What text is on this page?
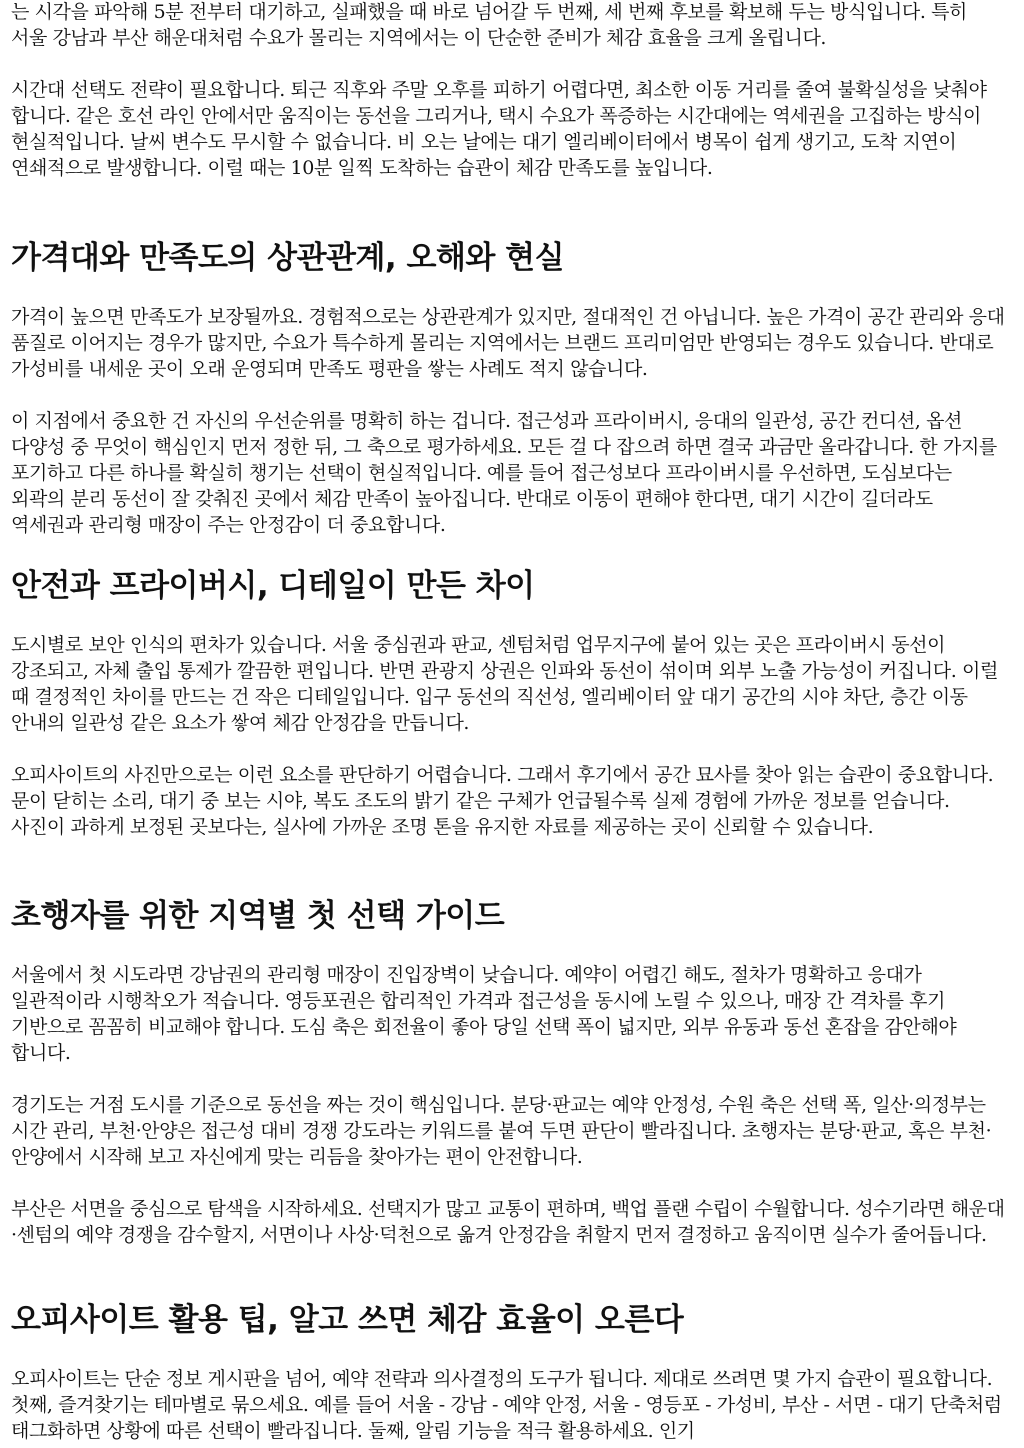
는 시각을 파악해 5분 전부터 대기하고, 실패했을 때 바로 넘어갈 두 번째, 세 번째 후보를 확보해 두는 방식입니다. 특히 서울 강남과 부산 해운대처럼 수요가 몰리는 지역에서는 이 단순한 준비가 체감 효율을 크게 올립니다.

시간대 선택도 전략이 필요합니다. 퇴근 직후와 주말 오후를 피하기 어렵다면, 최소한 이동 거리를 줄여 불확실성을 낮춰야 합니다. 같은 호선 라인 안에서만 움직이는 동선을 그리거나, 택시 수요가 폭증하는 시간대에는 역세권을 고집하는 방식이 현실적입니다. 날씨 변수도 무시할 수 없습니다. 비 오는 날에는 대기 엘리베이터에서 병목이 쉽게 생기고, 도착 지연이 연쇄적으로 발생합니다. 이럴 때는 10분 일찍 도착하는 습관이 체감 만족도를 높입니다.

가격대와 만족도의 상관관계, 오해와 현실

가격이 높으면 만족도가 보장될까요. 경험적으로는 상관관계가 있지만, 절대적인 건 아닙니다. 높은 가격이 공간 관리와 응대 품질로 이어지는 경우가 많지만, 수요가 특수하게 몰리는 지역에서는 브랜드 프리미엄만 반영되는 경우도 있습니다. 반대로 가성비를 내세운 곳이 오래 운영되며 만족도 평판을 쌓는 사례도 적지 않습니다.

이 지점에서 중요한 건 자신의 우선순위를 명확히 하는 겁니다. 접근성과 프라이버시, 응대의 일관성, 공간 컨디션, 옵션 다양성 중 무엇이 핵심인지 먼저 정한 뒤, 그 축으로 평가하세요. 모든 걸 다 잡으려 하면 결국 과금만 올라갑니다. 한 가지를 포기하고 다른 하나를 확실히 챙기는 선택이 현실적입니다. 예를 들어 접근성보다 프라이버시를 우선하면, 도심보다는 외곽의 분리 동선이 잘 갖춰진 곳에서 체감 만족이 높아집니다. 반대로 이동이 편해야 한다면, 대기 시간이 길더라도 역세권과 관리형 매장이 주는 안정감이 더 중요합니다.

안전과 프라이버시, 디테일이 만든 차이

도시별로 보안 인식의 편차가 있습니다. 서울 중심권과 판교, 센텀처럼 업무지구에 붙어 있는 곳은 프라이버시 동선이 강조되고, 자체 출입 통제가 깔끔한 편입니다. 반면 관광지 상권은 인파와 동선이 섞이며 외부 노출 가능성이 커집니다. 이럴 때 결정적인 차이를 만드는 건 작은 디테일입니다. 입구 동선의 직선성, 엘리베이터 앞 대기 공간의 시야 차단, 층간 이동 안내의 일관성 같은 요소가 쌓여 체감 안정감을 만듭니다.

오피사이트의 사진만으로는 이런 요소를 판단하기 어렵습니다. 그래서 후기에서 공간 묘사를 찾아 읽는 습관이 중요합니다. 문이 닫히는 소리, 대기 중 보는 시야, 복도 조도의 밝기 같은 구체가 언급될수록 실제 경험에 가까운 정보를 얻습니다. 사진이 과하게 보정된 곳보다는, 실사에 가까운 조명 톤을 유지한 자료를 제공하는 곳이 신뢰할 수 있습니다.

초행자를 위한 지역별 첫 선택 가이드

서울에서 첫 시도라면 강남권의 관리형 매장이 진입장벽이 낮습니다. 예약이 어렵긴 해도, 절차가 명확하고 응대가 일관적이라 시행착오가 적습니다. 영등포권은 합리적인 가격과 접근성을 동시에 노릴 수 있으나, 매장 간 격차를 후기 기반으로 꼼꼼히 비교해야 합니다. 도심 축은 회전율이 좋아 당일 선택 폭이 넓지만, 외부 유동과 동선 혼잡을 감안해야 합니다.

경기도는 거점 도시를 기준으로 동선을 짜는 것이 핵심입니다. 분당·판교는 예약 안정성, 수원 축은 선택 폭, 일산·의정부는 시간 관리, 부천·안양은 접근성 대비 경쟁 강도라는 키워드를 붙여 두면 판단이 빨라집니다. 초행자는 분당·판교, 혹은 부천·안양에서 시작해 보고 자신에게 맞는 리듬을 찾아가는 편이 안전합니다.

부산은 서면을 중심으로 탐색을 시작하세요. 선택지가 많고 교통이 편하며, 백업 플랜 수립이 수월합니다. 성수기라면 해운대·센텀의 예약 경쟁을 감수할지, 서면이나 사상·덕천으로 옮겨 안정감을 취할지 먼저 결정하고 움직이면 실수가 줄어듭니다.

오피사이트 활용 팁, 알고 쓰면 체감 효율이 오른다

오피사이트는 단순 정보 게시판을 넘어, 예약 전략과 의사결정의 도구가 됩니다. 제대로 쓰려면 몇 가지 습관이 필요합니다. 첫째, 즐겨찾기는 테마별로 묶으세요. 예를 들어 서울 - 강남 - 예약 안정, 서울 - 영등포 - 가성비, 부산 - 서면 - 대기 단축처럼 태그화하면 상황에 따른 선택이 빨라집니다. 둘째, 알림 기능을 적극 활용하세요. 인기
